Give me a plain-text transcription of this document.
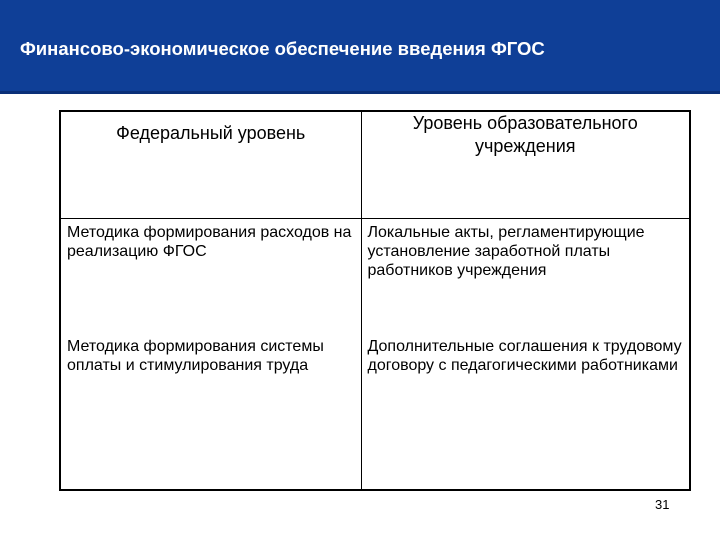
Финансово-экономическое обеспечение введения ФГОС
Федеральный уровень	Уровень образовательного учреждения

Методика формирования расходов на реализацию ФГОС	Локальные акты, регламентирующие установление заработной платы работников учреждения

Методика формирования системы оплаты и стимулирования труда	Дополнительные соглашения к трудовому договору с педагогическими работниками
31
